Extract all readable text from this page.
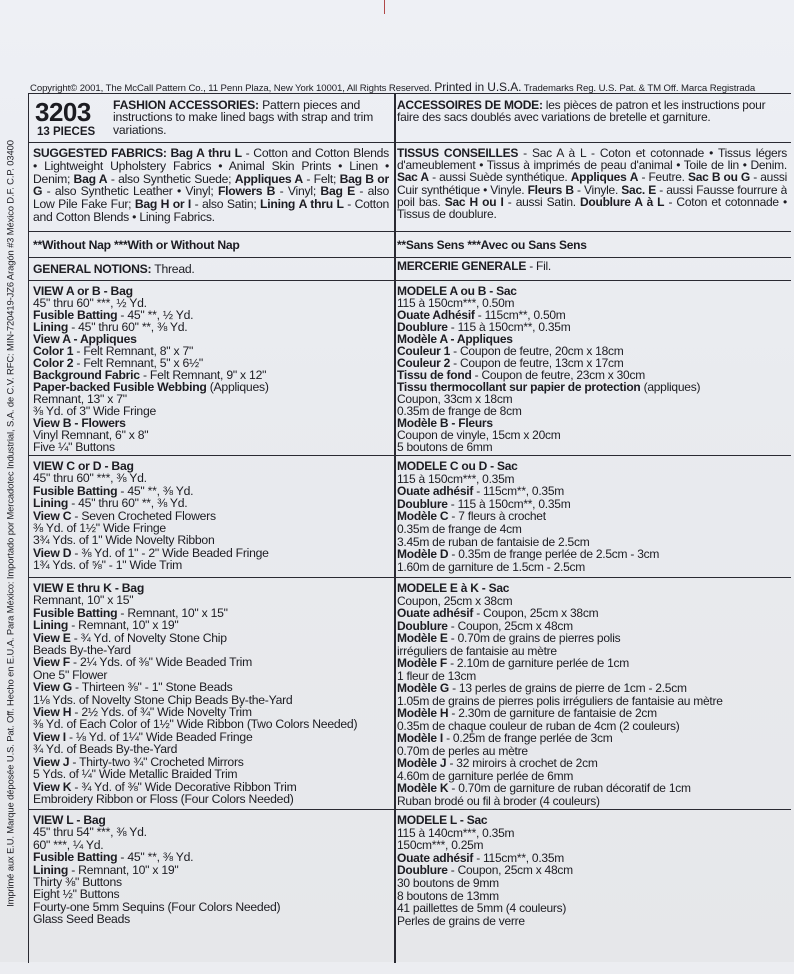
Copyright© 2001, The McCall Pattern Co., 11 Penn Plaza, New York 10001, All Rights Reserved. Printed in U.S.A. Trademarks Reg. U.S. Pat. & TM Off. Marca Registrada
Imprimé aux E.U. Marque déposée U.S. Pat. Off. Hecho en E.U.A. Para México: Importado por Mercadotec Industrial, S.A. de C.V. RFC: MIN-720419-JZ6 Aragón #3 México D.F. C.P. 03400
3203
13 PIECES
FASHION ACCESSORIES: Pattern pieces and instructions to make lined bags with strap and trim variations.
ACCESSOIRES DE MODE: les pièces de patron et les instructions pour faire des sacs doublés avec variations de bretelle et garniture.
SUGGESTED FABRICS: Bag A thru L - Cotton and Cotton Blends • Lightweight Upholstery Fabrics • Animal Skin Prints • Linen • Denim; Bag A - also Synthetic Suede; Appliques A - Felt; Bag B or G - also Synthetic Leather • Vinyl; Flowers B - Vinyl; Bag E - also Low Pile Fake Fur; Bag H or I - also Satin; Lining A thru L - Cotton and Cotton Blends • Lining Fabrics.
TISSUS CONSEILLES - Sac A à L - Coton et cotonnade • Tissus légers d'ameublement • Tissus à imprimés de peau d'animal • Toile de lin • Denim. Sac A - aussi Suède synthétique. Appliques A - Feutre. Sac B ou G - aussi Cuir synthétique • Vinyle. Fleurs B - Vinyle. Sac. E - aussi Fausse fourrure à poil bas. Sac H ou I - aussi Satin. Doublure A à L - Coton et cotonnade • Tissus de doublure.
**Without Nap ***With or Without Nap	**Sans Sens ***Avec ou Sans Sens
GENERAL NOTIONS: Thread.	MERCERIE GENERALE - Fil.
VIEW A or B - Bag
45" thru 60" ***, ½ Yd.
Fusible Batting - 45" **, ½ Yd.
Lining - 45" thru 60" **, ⅜ Yd.
View A - Appliques
Color 1 - Felt Remnant, 8" x 7"
Color 2 - Felt Remnant, 5" x 6½"
Background Fabric - Felt Remnant, 9" x 12"
Paper-backed Fusible Webbing (Appliques)
Remnant, 13" x 7"
⅜ Yd. of 3" Wide Fringe
View B - Flowers
Vinyl Remnant, 6" x 8"
Five ¼" Buttons
MODELE A ou B - Sac
115 à 150cm***, 0.50m
Ouate Adhésif - 115cm**, 0.50m
Doublure - 115 à 150cm**, 0.35m
Modèle A - Appliques
Couleur 1 - Coupon de feutre, 20cm x 18cm
Couleur 2 - Coupon de feutre, 13cm x 17cm
Tissu de fond - Coupon de feutre, 23cm x 30cm
Tissu thermocollant sur papier de protection (appliques)
Coupon, 33cm x 18cm
0.35m de frange de 8cm
Modèle B - Fleurs
Coupon de vinyle, 15cm x 20cm
5 boutons de 6mm
VIEW C or D - Bag
45" thru 60" ***, ⅜ Yd.
Fusible Batting - 45" **, ⅜ Yd.
Lining - 45" thru 60" **, ⅜ Yd.
View C - Seven Crocheted Flowers
⅜ Yd. of 1½" Wide Fringe
3¾ Yds. of 1" Wide Novelty Ribbon
View D - ⅜ Yd. of 1" - 2" Wide Beaded Fringe
1¾ Yds. of ⅝" - 1" Wide Trim
MODELE C ou D - Sac
115 à 150cm***, 0.35m
Ouate adhésif - 115cm**, 0.35m
Doublure - 115 à 150cm**, 0.35m
Modèle C - 7 fleurs à crochet
0.35m de frange de 4cm
3.45m de ruban de fantaisie de 2.5cm
Modèle D - 0.35m de frange perlée de 2.5cm - 3cm
1.60m de garniture de 1.5cm - 2.5cm
VIEW E thru K - Bag
Remnant, 10" x 15"
Fusible Batting - Remnant, 10" x 15"
Lining - Remnant, 10" x 19"
View E - ¾ Yd. of Novelty Stone Chip
Beads By-the-Yard
View F - 2¼ Yds. of ⅜" Wide Beaded Trim
One 5" Flower
View G - Thirteen ⅜" - 1" Stone Beads
1⅛ Yds. of Novelty Stone Chip Beads By-the-Yard
View H - 2½ Yds. of ¾" Wide Novelty Trim
⅜ Yd. of Each Color of 1½" Wide Ribbon (Two Colors Needed)
View I - ⅛ Yd. of 1¼" Wide Beaded Fringe
¾ Yd. of Beads By-the-Yard
View J - Thirty-two ¾" Crocheted Mirrors
5 Yds. of ¼" Wide Metallic Braided Trim
View K - ¾ Yd. of ⅜" Wide Decorative Ribbon Trim
Embroidery Ribbon or Floss (Four Colors Needed)
MODELE E à K - Sac
Coupon, 25cm x 38cm
Ouate adhésif - Coupon, 25cm x 38cm
Doublure - Coupon, 25cm x 48cm
Modèle E - 0.70m de grains de pierres polis
irréguliers de fantaisie au mètre
Modèle F - 2.10m de garniture perlée de 1cm
1 fleur de 13cm
Modèle G - 13 perles de grains de pierre de 1cm - 2.5cm
1.05m de grains de pierres polis irréguliers de fantaisie au mètre
Modèle H - 2.30m de garniture de fantaisie de 2cm
0.35m de chaque couleur de ruban de 4cm (2 couleurs)
Modèle I - 0.25m de frange perlée de 3cm
0.70m de perles au mètre
Modèle J - 32 miroirs à crochet de 2cm
4.60m de garniture perlée de 6mm
Modèle K - 0.70m de garniture de ruban décoratif de 1cm
Ruban brodé ou fil à broder (4 couleurs)
VIEW L - Bag
45" thru 54" ***, ⅜ Yd.
60" ***, ¼ Yd.
Fusible Batting - 45" **, ⅜ Yd.
Lining - Remnant, 10" x 19"
Thirty ⅜" Buttons
Eight ½" Buttons
Fourty-one 5mm Sequins (Four Colors Needed)
Glass Seed Beads
MODELE L - Sac
115 à 140cm***, 0.35m
150cm***, 0.25m
Ouate adhésif - 115cm**, 0.35m
Doublure - Coupon, 25cm x 48cm
30 boutons de 9mm
8 boutons de 13mm
41 paillettes de 5mm (4 couleurs)
Perles de grains de verre
